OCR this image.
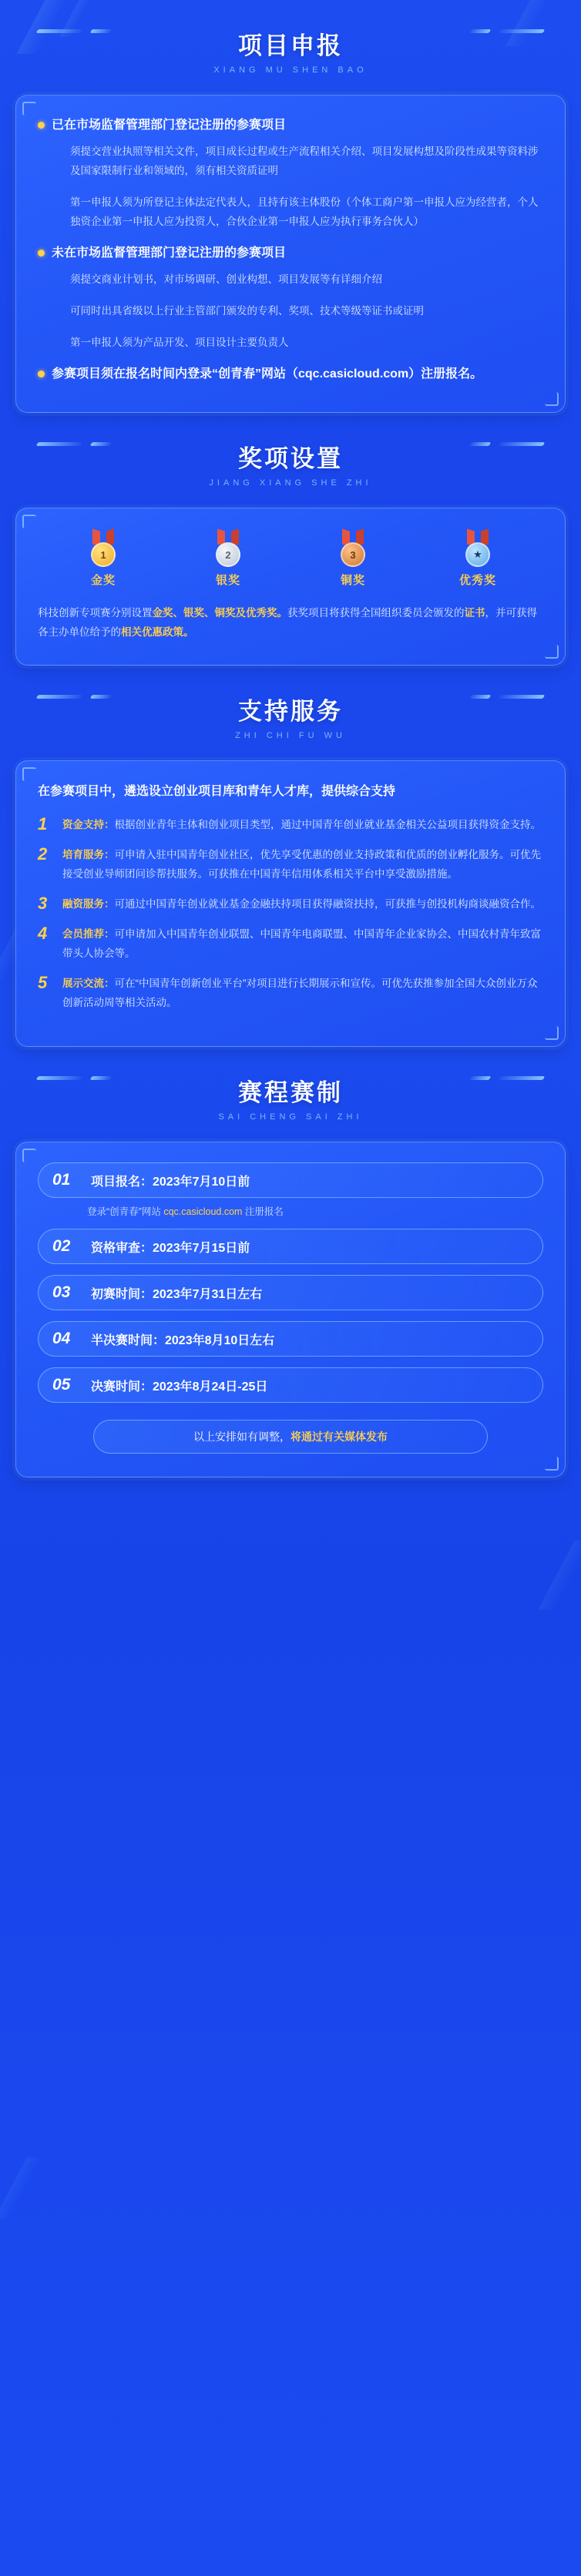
项目申报
XIANG MU SHEN BAO
已在市场监督管理部门登记注册的参赛项目
须提交营业执照等相关文件，项目成长过程或生产流程相关介绍、项目发展构想及阶段性成果等资料涉及国家限制行业和领域的，须有相关资质证明
第一申报人须为所登记主体法定代表人，且持有该主体股份（个体工商户第一申报人应为经营者，个人独资企业第一申报人应为投资人，合伙企业第一申报人应为执行事务合伙人）
未在市场监督管理部门登记注册的参赛项目
须提交商业计划书，对市场调研、创业构想、项目发展等有详细介绍
可同时出具省级以上行业主管部门颁发的专利、奖项、技术等级等证书或证明
第一申报人须为产品开发、项目设计主要负责人
参赛项目须在报名时间内登录“创青春”网站（cqc.casicloud.com）注册报名。
奖项设置
JIANG XIANG SHE ZHI
1
金奖
2
银奖
3
铜奖
★
优秀奖
科技创新专项赛分别设置金奖、银奖、铜奖及优秀奖。获奖项目将获得全国组织委员会颁发的证书，并可获得各主办单位给予的相关优惠政策。
支持服务
ZHI CHI FU WU
在参赛项目中，遴选设立创业项目库和青年人才库，提供综合支持
1	资金支持：根据创业青年主体和创业项目类型，通过中国青年创业就业基金相关公益项目获得资金支持。
2	培育服务：可申请入驻中国青年创业社区，优先享受优惠的创业支持政策和优质的创业孵化服务。可优先接受创业导师团问诊帮扶服务。可获推在中国青年信用体系相关平台中享受激励措施。
3	融资服务：可通过中国青年创业就业基金金融扶持项目获得融资扶持，可获推与创投机构商谈融资合作。
4	会员推荐：可申请加入中国青年创业联盟、中国青年电商联盟、中国青年企业家协会、中国农村青年致富带头人协会等。
5	展示交流：可在“中国青年创新创业平台”对项目进行长期展示和宣传。可优先获推参加全国大众创业万众创新活动周等相关活动。
赛程赛制
SAI CHENG SAI ZHI
01	项目报名：2023年7月10日前
登录“创青春”网站 cqc.casicloud.com 注册报名
02	资格审查：2023年7月15日前
03	初赛时间：2023年7月31日左右
04	半决赛时间：2023年8月10日左右
05	决赛时间：2023年8月24日-25日
以上安排如有调整，将通过有关媒体发布
